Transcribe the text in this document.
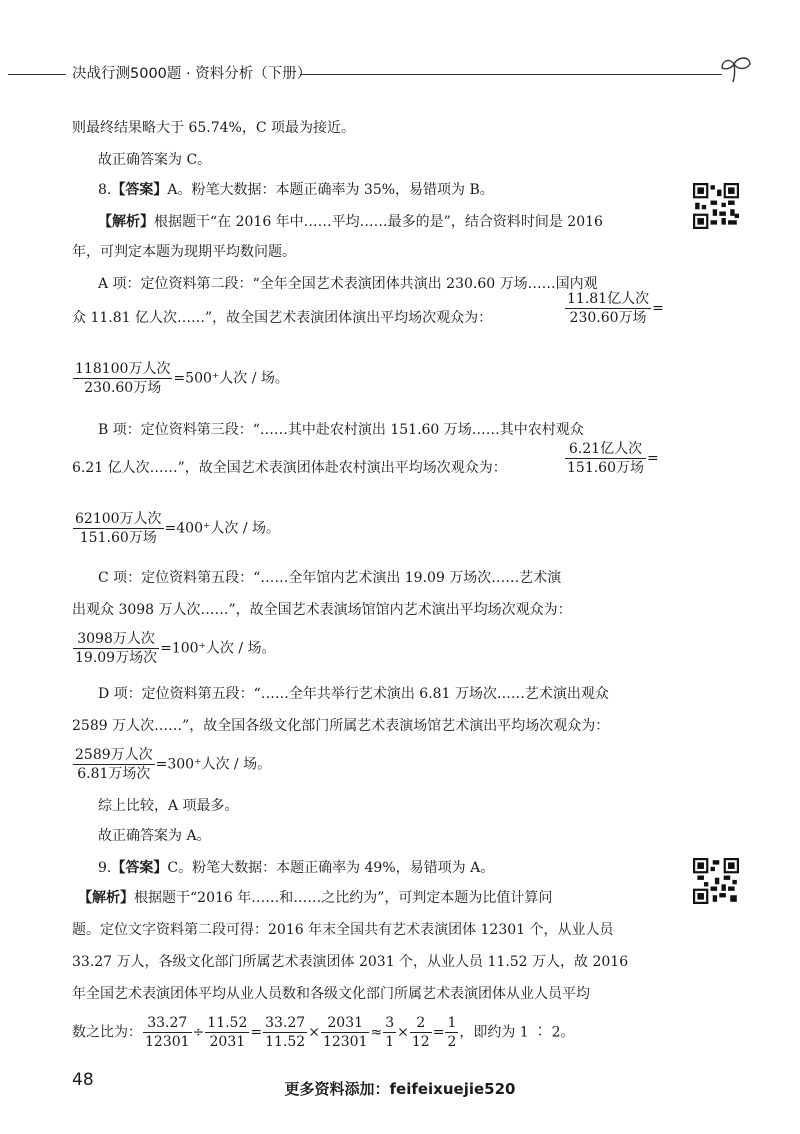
决战行测5000题 · 资料分析（下册）
则最终结果略大于 65.74%，C 项最为接近。
故正确答案为 C。
8.【答案】A。粉笔大数据：本题正确率为 35%，易错项为 B。
【解析】根据题干“在 2016 年中……平均……最多的是”，结合资料时间是 2016
年，可判定本题为现期平均数问题。
A 项：定位资料第二段：“全年全国艺术表演团体共演出 230.60 万场……国内观
众 11.81 亿人次……”，故全国艺术表演团体演出平均场次观众为：	$\frac{\text{11.81亿人次}}{\text{230.60万场}}$ =
$\frac{\text{118100万人次}}{\text{230.60万场}} =500^+$人次 / 场。
B 项：定位资料第三段：“……其中赴农村演出 151.60 万场……其中农村观众
6.21 亿人次……”，故全国艺术表演团体赴农村演出平均场次观众为：	$\frac{\text{6.21亿人次}}{\text{151.60万场}}$ =
$\frac{\text{62100万人次}}{\text{151.60万场}} =400^+$人次 / 场。
C 项：定位资料第五段：“……全年馆内艺术演出 19.09 万场次……艺术演
出观众 3098 万人次……”，故全国艺术表演场馆馆内艺术演出平均场次观众为：
$\frac{\text{3098万人次}}{\text{19.09万场次}} =100^+$人次 / 场。
D 项：定位资料第五段：“……全年共举行艺术演出 6.81 万场次……艺术演出观众
2589 万人次……”，故全国各级文化部门所属艺术表演场馆艺术演出平均场次观众为：
$\frac{\text{2589万人次}}{\text{6.81万场次}} =300^+$人次 / 场。
综上比较，A 项最多。
故正确答案为 A。
9.【答案】C。粉笔大数据：本题正确率为 49%，易错项为 A。
【解析】根据题干“2016 年……和……之比约为”，可判定本题为比值计算问
题。定位文字资料第二段可得：2016 年末全国共有艺术表演团体 12301 个，从业人员
33.27 万人，各级文化部门所属艺术表演团体 2031 个，从业人员 11.52 万人，故 2016
年全国艺术表演团体平均从业人员数和各级文化部门所属艺术表演团体从业人员平均
数之比为： $\frac{33.27}{12301} \div \frac{11.52}{2031} = \frac{33.27}{11.52} \times \frac{2031}{12301} \approx \frac{3}{1} \times \frac{2}{12} = \frac{1}{2}$ ，即约为 1 ∶ 2。
48	更多资料添加：feifeixuejie520
